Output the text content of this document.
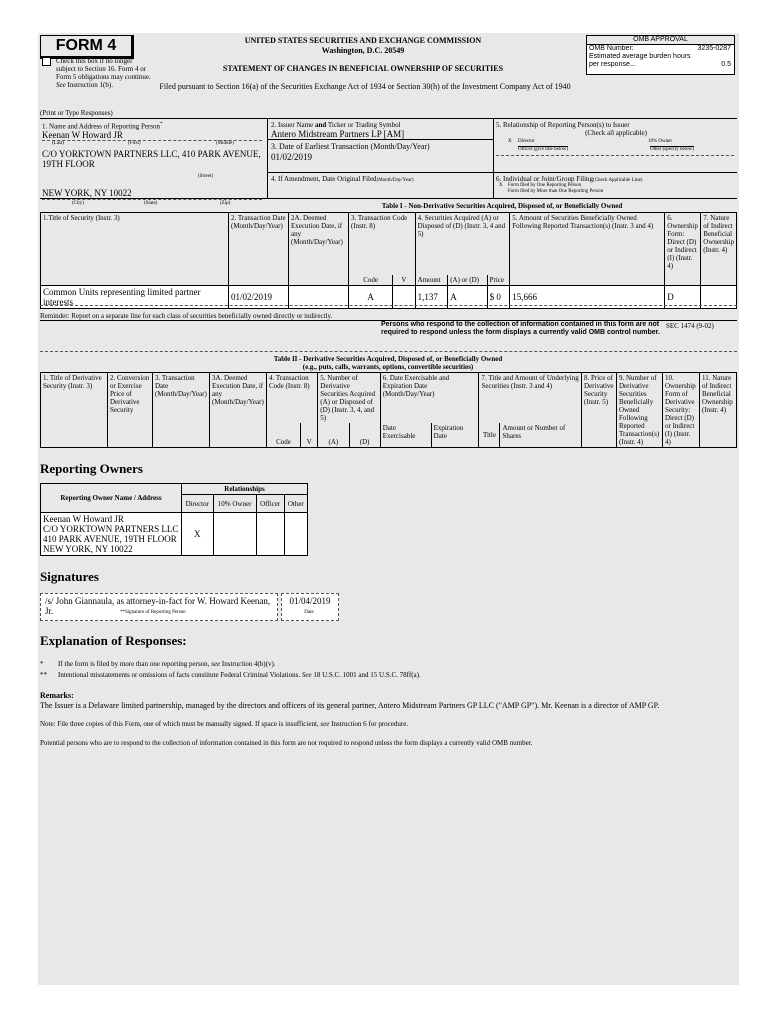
FORM 4
Check this box if no longer subject to Section 16. Form 4 or Form 5 obligations may continue. See Instruction 1(b).
UNITED STATES SECURITIES AND EXCHANGE COMMISSION
Washington, D.C. 20549
STATEMENT OF CHANGES IN BENEFICIAL OWNERSHIP OF SECURITIES
Filed pursuant to Section 16(a) of the Securities Exchange Act of 1934 or Section 30(h) of the Investment Company Act of 1940
OMB APPROVAL
OMB Number:	3235-0287
Estimated average burden hours
per response...	0.5
(Print or Type Responses)
1. Name and Address of Reporting Person*
Keenan W Howard JR
(Last)	(First)	(Middle)
C/O YORKTOWN PARTNERS LLC, 410 PARK AVENUE,
19TH FLOOR
(Street)
NEW YORK, NY 10022
(City)	(State)	(Zip)
2. Issuer Name and Ticker or Trading Symbol
Antero Midstream Partners LP [AM]
3. Date of Earliest Transaction (Month/Day/Year)
01/02/2019
4. If Amendment, Date Original Filed(Month/Day/Year)
5. Relationship of Reporting Person(s) to Issuer
(Check all applicable)
X Director	10% Owner
Officer (give title below)	Other (specify below)
6. Individual or Joint/Group Filing(Check Applicable Line)
X Form filed by One Reporting Person
Form filed by More than One Reporting Person
Table I - Non-Derivative Securities Acquired, Disposed of, or Beneficially Owned
1.Title of Security (Instr. 3)	2. Transaction Date (Month/Day/Year)	2A. Deemed Execution Date, if any (Month/Day/Year)	3. Transaction Code (Instr. 8)		4. Securities Acquired (A) or Disposed of (D) (Instr. 3, 4 and 5)			5. Amount of Securities Beneficially Owned Following Reported Transaction(s) (Instr. 3 and 4)	6. Ownership Form: Direct (D) or Indirect (I) (Instr. 4)	7. Nature of Indirect Beneficial Ownership (Instr. 4)
			Code	V	Amount	(A) or (D)	Price			
Common Units representing limited partner interests	01/02/2019		A		1,137	A	$ 0	15,666	D	
Reminder: Report on a separate line for each class of securities beneficially owned directly or indirectly.
Persons who respond to the collection of information contained in this form are not required to respond unless the form displays a currently valid OMB control number.
SEC 1474 (9-02)
Table II - Derivative Securities Acquired, Disposed of, or Beneficially Owned
(e.g., puts, calls, warrants, options, convertible securities)
1. Title of Derivative Security (Instr. 3)	2. Conversion or Exercise Price of Derivative Security	3. Transaction Date (Month/Day/Year)	3A. Deemed Execution Date, if any (Month/Day/Year)	4. Transaction Code (Instr. 8)		5. Number of Derivative Securities Acquired (A) or Disposed of (D) (Instr. 3, 4, and 5)		6. Date Exercisable and Expiration Date (Month/Day/Year)		7. Title and Amount of Underlying Securities (Instr. 3 and 4)		8. Price of Derivative Security (Instr. 5)	9. Number of Derivative Securities Beneficially Owned Following Reported Transaction(s) (Instr. 4)	10. Ownership Form of Derivative Security: Direct (D) or Indirect (I) (Instr. 4)	11. Nature of Indirect Beneficial Ownership (Instr. 4)
				Code	V	(A)	(D)	Date Exercisable	Expiration Date	Title	Amount or Number of Shares				
Reporting Owners
Reporting Owner Name / Address	Relationships			
	Director	10% Owner	Officer	Other

Keenan W Howard JR
C/O YORKTOWN PARTNERS LLC
410 PARK AVENUE, 19TH FLOOR
NEW YORK, NY 10022	X			
Signatures
/s/ John Giannaula, as attorney-in-fact for W. Howard Keenan, Jr.	**Signature of Reporting Person
01/04/2019
Date
Explanation of Responses:
* If the form is filed by more than one reporting person, see Instruction 4(b)(v).
** Intentional misstatements or omissions of facts constitute Federal Criminal Violations. See 18 U.S.C. 1001 and 15 U.S.C. 78ff(a).
Remarks:
The Issuer is a Delaware limited partnership, managed by the directors and officers of its general partner, Antero Midstream Partners GP LLC ("AMP GP"). Mr. Keenan is a director of AMP GP.
Note: File three copies of this Form, one of which must be manually signed. If space is insufficient, see Instruction 6 for procedure.
Potential persons who are to respond to the collection of information contained in this form are not required to respond unless the form displays a currently valid OMB number.
